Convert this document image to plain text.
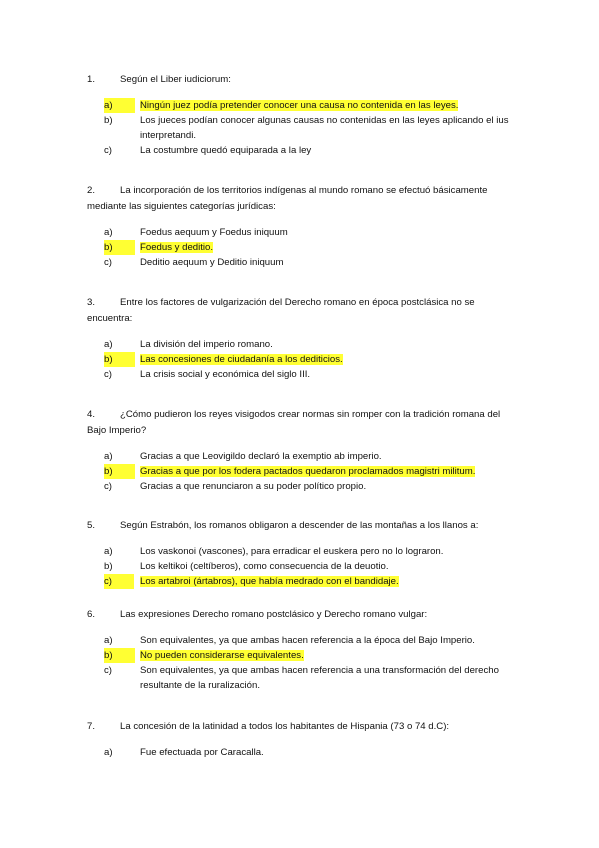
1.	Según el Liber iudiciorum:
a)	Ningún juez podía pretender conocer una causa no contenida en las leyes.
b)	Los jueces podían conocer algunas causas no contenidas en las leyes aplicando el ius interpretandi.
c)	La costumbre quedó equiparada a la ley
2.	La incorporación de los territorios indígenas al mundo romano se efectuó básicamente mediante las siguientes categorías jurídicas:
a)	Foedus aequum y Foedus iniquum
b)	Foedus y deditio.
c)	Deditio aequum y Deditio iniquum
3.	Entre los factores de vulgarización del Derecho romano en época postclásica no se encuentra:
a)	La división del imperio romano.
b)	Las concesiones de ciudadanía a los dediticios.
c)	La crisis social y económica del siglo III.
4.	¿Cómo pudieron los reyes visigodos crear normas sin romper con la tradición romana del Bajo Imperio?
a)	Gracias a que Leovigildo declaró la exemptio ab imperio.
b)	Gracias a que por los fodera pactados quedaron proclamados magistri militum.
c)	Gracias a que renunciaron a su poder político propio.
5.	Según Estrabón, los romanos obligaron a descender de las montañas a los llanos a:
a)	Los vaskonoi (vascones), para erradicar el euskera pero no lo lograron.
b)	Los keltikoi (celtíberos), como consecuencia de la deuotio.
c)	Los artabroi (ártabros), que había medrado con el bandidaje.
6.	Las expresiones Derecho romano postclásico y Derecho romano vulgar:
a)	Son equivalentes, ya que ambas hacen referencia a la época del Bajo Imperio.
b)	No pueden considerarse equivalentes.
c)	Son equivalentes, ya que ambas hacen referencia a una transformación del derecho resultante de la ruralización.
7.	La concesión de la latinidad a todos los habitantes de Hispania (73 o 74 d.C):
a)	Fue efectuada por Caracalla.
